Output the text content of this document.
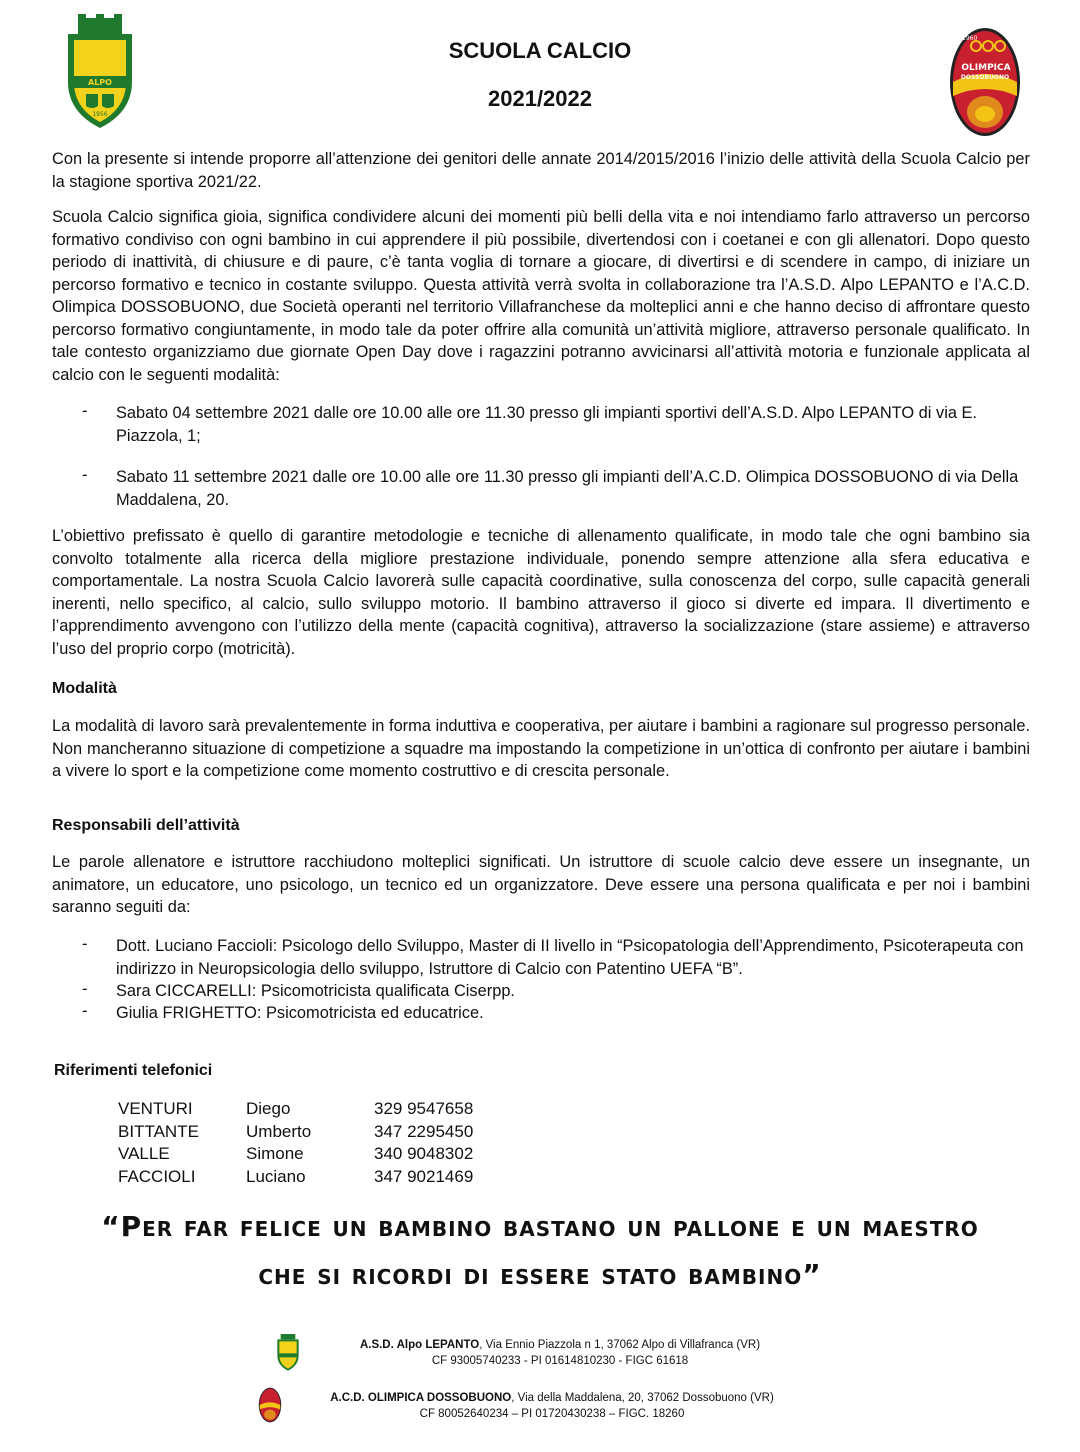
ALPO
1956
SCUOLA CALCIO
2021/2022
1960
OLIMPICA
DOSSOBUONO
Con la presente si intende proporre all’attenzione dei genitori delle annate 2014/2015/2016 l’inizio delle attività della Scuola Calcio per la stagione sportiva 2021/22.
Scuola Calcio significa gioia, significa condividere alcuni dei momenti più belli della vita e noi intendiamo farlo attraverso un percorso formativo condiviso con ogni bambino in cui apprendere il più possibile, divertendosi con i coetanei e con gli allenatori. Dopo questo periodo di inattività, di chiusure e di paure, c’è tanta voglia di tornare a giocare, di divertirsi e di scendere in campo, di iniziare un percorso formativo e tecnico in costante sviluppo. Questa attività verrà svolta in collaborazione tra l’A.S.D. Alpo LEPANTO e l’A.C.D. Olimpica DOSSOBUONO, due Società operanti nel territorio Villafranchese da molteplici anni e che hanno deciso di affrontare questo percorso formativo congiuntamente, in modo tale da poter offrire alla comunità un’attività migliore, attraverso personale qualificato. In tale contesto organizziamo due giornate Open Day dove i ragazzini potranno avvicinarsi all’attività motoria e funzionale applicata al calcio con le seguenti modalità:
- Sabato 04 settembre 2021 dalle ore 10.00 alle ore 11.30 presso gli impianti sportivi dell’A.S.D. Alpo LEPANTO di via E. Piazzola, 1;
- Sabato 11 settembre 2021 dalle ore 10.00 alle ore 11.30 presso gli impianti dell’A.C.D. Olimpica DOSSOBUONO di via Della Maddalena, 20.
L’obiettivo prefissato è quello di garantire metodologie e tecniche di allenamento qualificate, in modo tale che ogni bambino sia convolto totalmente alla ricerca della migliore prestazione individuale, ponendo sempre attenzione alla sfera educativa e comportamentale. La nostra Scuola Calcio lavorerà sulle capacità coordinative, sulla conoscenza del corpo, sulle capacità generali inerenti, nello specifico, al calcio, sullo sviluppo motorio. Il bambino attraverso il gioco si diverte ed impara. Il divertimento e l’apprendimento avvengono con l’utilizzo della mente (capacità cognitiva), attraverso la socializzazione (stare assieme) e attraverso l’uso del proprio corpo (motricità).
Modalità
La modalità di lavoro sarà prevalentemente in forma induttiva e cooperativa, per aiutare i bambini a ragionare sul progresso personale. Non mancheranno situazione di competizione a squadre ma impostando la competizione in un’ottica di confronto per aiutare i bambini a vivere lo sport e la competizione come momento costruttivo e di crescita personale.
Responsabili dell’attività
Le parole allenatore e istruttore racchiudono molteplici significati. Un istruttore di scuole calcio deve essere un insegnante, un animatore, un educatore, uno psicologo, un tecnico ed un organizzatore. Deve essere una persona qualificata e per noi i bambini saranno seguiti da:
- Dott. Luciano Faccioli: Psicologo dello Sviluppo, Master di II livello in “Psicopatologia dell’Apprendimento, Psicoterapeuta con indirizzo in Neuropsicologia dello sviluppo, Istruttore di Calcio con Patentino UEFA “B”.
- Sara CICCARELLI: Psicomotricista qualificata Ciserpp.
- Giulia FRIGHETTO: Psicomotricista ed educatrice.
Riferimenti telefonici
VENTURI	Diego	329 9547658
BITTANTE	Umberto	347 2295450
VALLE	Simone	340 9048302
FACCIOLI	Luciano	347 9021469
“Per far felice un bambino bastano un pallone e un maestro
che si ricordi di essere stato bambino”
A.S.D. Alpo LEPANTO, Via Ennio Piazzola n 1, 37062 Alpo di Villafranca (VR)
CF 93005740233 - PI 01614810230 - FIGC 61618
A.C.D. OLIMPICA DOSSOBUONO, Via della Maddalena, 20, 37062 Dossobuono (VR)
CF 80052640234 – PI 01720430238 – FIGC. 18260
